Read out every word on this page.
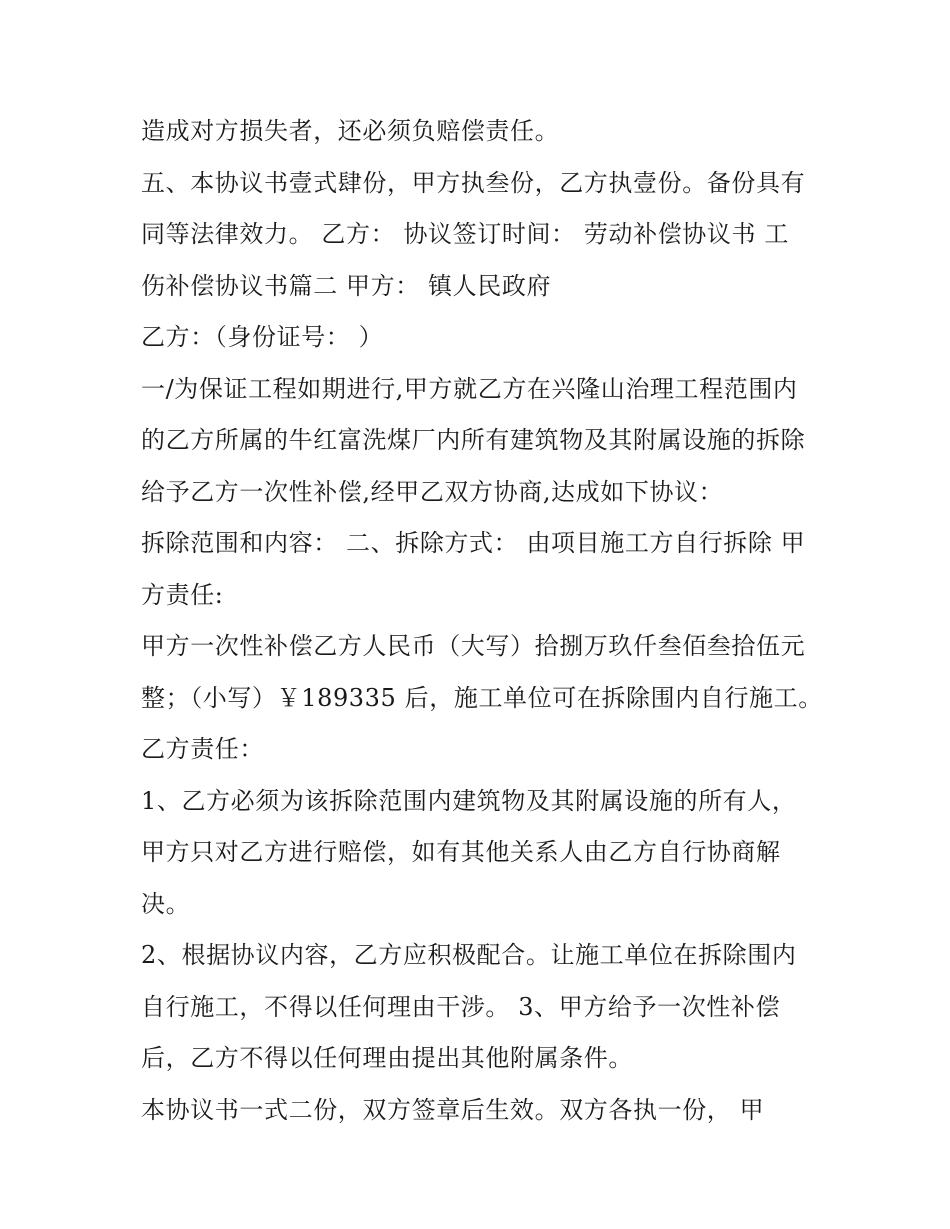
造成对方损失者，还必须负赔偿责任。
五、本协议书壹式肆份，甲方执叁份，乙方执壹份。备份具有
同等法律效力。 乙方： 协议签订时间： 劳动补偿协议书 工
伤补偿协议书篇二 甲方： 镇人民政府
乙方：（身份证号： ）
一/为保证工程如期进行,甲方就乙方在兴隆山治理工程范围内
的乙方所属的牛红富洗煤厂内所有建筑物及其附属设施的拆除
给予乙方一次性补偿,经甲乙双方协商,达成如下协议：
拆除范围和内容： 二、拆除方式： 由项目施工方自行拆除 甲
方责任:
甲方一次性补偿乙方人民币（大写）拾捌万玖仟叁佰叁拾伍元
整；（小写）￥189335 后，施工单位可在拆除围内自行施工。
乙方责任：
1、乙方必须为该拆除范围内建筑物及其附属设施的所有人，
甲方只对乙方进行赔偿，如有其他关系人由乙方自行协商解
决。
2、根据协议内容，乙方应积极配合。让施工单位在拆除围内
自行施工，不得以任何理由干涉。 3、甲方给予一次性补偿
后，乙方不得以任何理由提出其他附属条件。
本协议书一式二份，双方签章后生效。双方各执一份， 甲
